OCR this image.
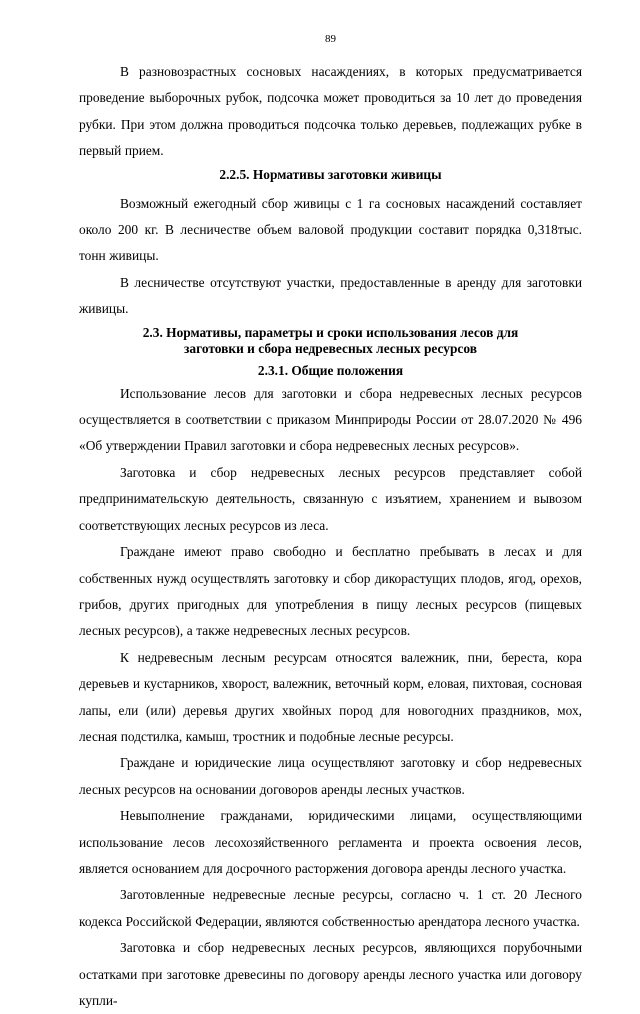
89

В разновозрастных сосновых насаждениях, в которых предусматривается проведение выборочных рубок, подсочка может проводиться за 10 лет до проведения рубки. При этом должна проводиться подсочка только деревьев, подлежащих рубке в первый прием.

2.2.5. Нормативы заготовки живицы

Возможный ежегодный сбор живицы с 1 га сосновых насаждений составляет около 200 кг. В лесничестве объем валовой продукции составит порядка 0,318тыс. тонн живицы.

В лесничестве отсутствуют участки, предоставленные в аренду для заготовки живицы.

2.3. Нормативы, параметры и сроки использования лесов для
заготовки и сбора недревесных лесных ресурсов

2.3.1. Общие положения

Использование лесов для заготовки и сбора недревесных лесных ресурсов осуществляется в соответствии с приказом Минприроды России от 28.07.2020 № 496 «Об утверждении Правил заготовки и сбора недревесных лесных ресурсов».

Заготовка и сбор недревесных лесных ресурсов представляет собой предпринимательскую деятельность, связанную с изъятием, хранением и вывозом соответствующих лесных ресурсов из леса.

Граждане имеют право свободно и бесплатно пребывать в лесах и для собственных нужд осуществлять заготовку и сбор дикорастущих плодов, ягод, орехов, грибов, других пригодных для употребления в пищу лесных ресурсов (пищевых лесных ресурсов), а также недревесных лесных ресурсов.

К недревесным лесным ресурсам относятся валежник, пни, береста, кора деревьев и кустарников, хворост, валежник, веточный корм, еловая, пихтовая, сосновая лапы, ели (или) деревья других хвойных пород для новогодних праздников, мох, лесная подстилка, камыш, тростник и подобные лесные ресурсы.

Граждане и юридические лица осуществляют заготовку и сбор недревесных лесных ресурсов на основании договоров аренды лесных участков.

Невыполнение гражданами, юридическими лицами, осуществляющими использование лесов лесохозяйственного регламента и проекта освоения лесов, является основанием для досрочного расторжения договора аренды лесного участка.

Заготовленные недревесные лесные ресурсы, согласно ч. 1 ст. 20 Лесного кодекса Российской Федерации, являются собственностью арендатора лесного участка.

Заготовка и сбор недревесных лесных ресурсов, являющихся порубочными остатками при заготовке древесины по договору аренды лесного участка или договору купли-
